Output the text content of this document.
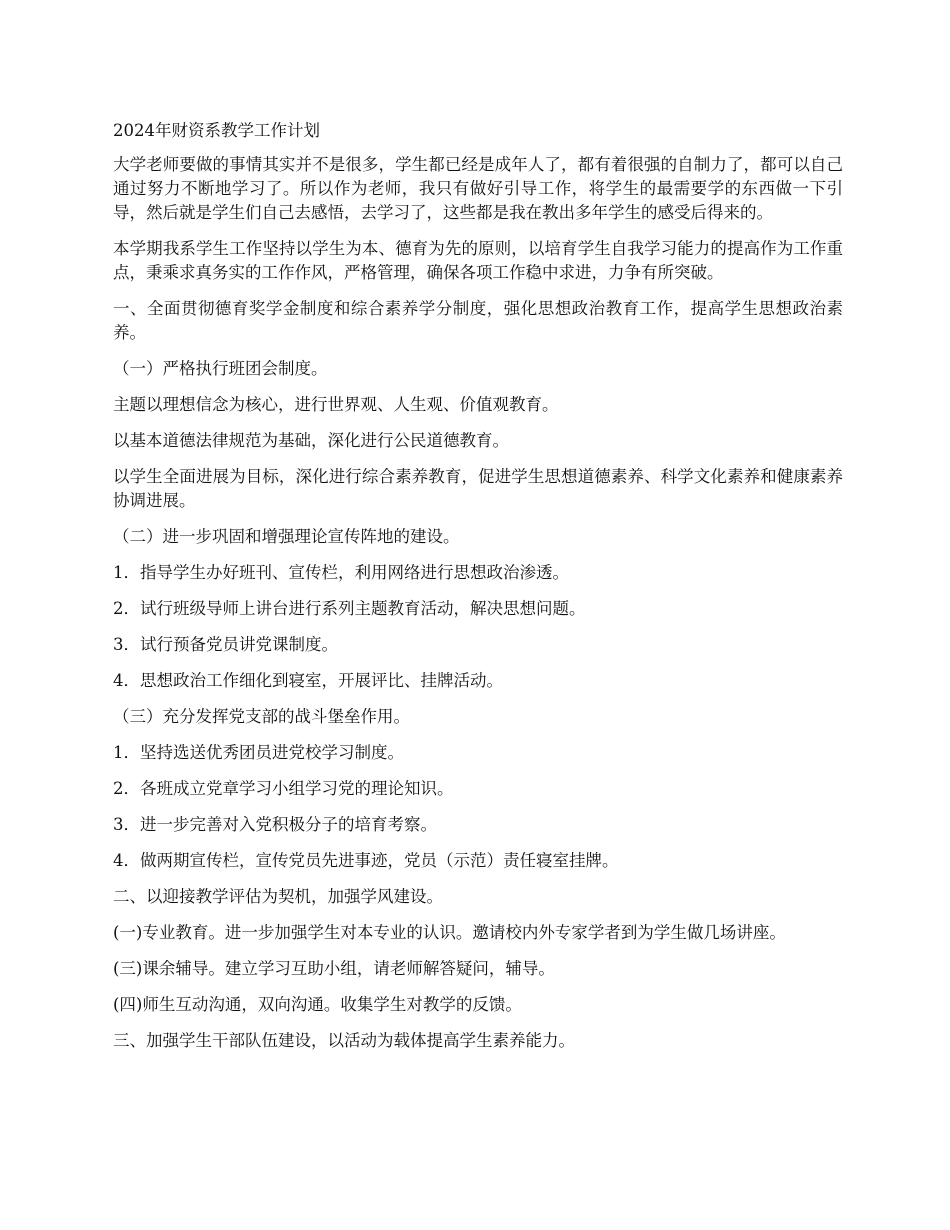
2024年财资系教学工作计划

大学老师要做的事情其实并不是很多，学生都已经是成年人了，都有着很强的自制力了，都可以自己通过努力不断地学习了。所以作为老师，我只有做好引导工作，将学生的最需要学的东西做一下引导，然后就是学生们自己去感悟，去学习了，这些都是我在教出多年学生的感受后得来的。

本学期我系学生工作坚持以学生为本、德育为先的原则，以培育学生自我学习能力的提高作为工作重点，秉乘求真务实的工作作风，严格管理，确保各项工作稳中求进，力争有所突破。

一、全面贯彻德育奖学金制度和综合素养学分制度，强化思想政治教育工作，提高学生思想政治素养。

（一）严格执行班团会制度。

主题以理想信念为核心，进行世界观、人生观、价值观教育。

以基本道德法律规范为基础，深化进行公民道德教育。

以学生全面进展为目标，深化进行综合素养教育，促进学生思想道德素养、科学文化素养和健康素养协调进展。

（二）进一步巩固和增强理论宣传阵地的建设。

1．指导学生办好班刊、宣传栏，利用网络进行思想政治渗透。

2．试行班级导师上讲台进行系列主题教育活动，解决思想问题。

3．试行预备党员讲党课制度。

4．思想政治工作细化到寝室，开展评比、挂牌活动。

（三）充分发挥党支部的战斗堡垒作用。

1．坚持选送优秀团员进党校学习制度。

2．各班成立党章学习小组学习党的理论知识。

3．进一步完善对入党积极分子的培育考察。

4．做两期宣传栏，宣传党员先进事迹，党员（示范）责任寝室挂牌。

二、以迎接教学评估为契机，加强学风建设。

(一)专业教育。进一步加强学生对本专业的认识。邀请校内外专家学者到为学生做几场讲座。

(三)课余辅导。建立学习互助小组，请老师解答疑问，辅导。

(四)师生互动沟通，双向沟通。收集学生对教学的反馈。

三、加强学生干部队伍建设，以活动为载体提高学生素养能力。
